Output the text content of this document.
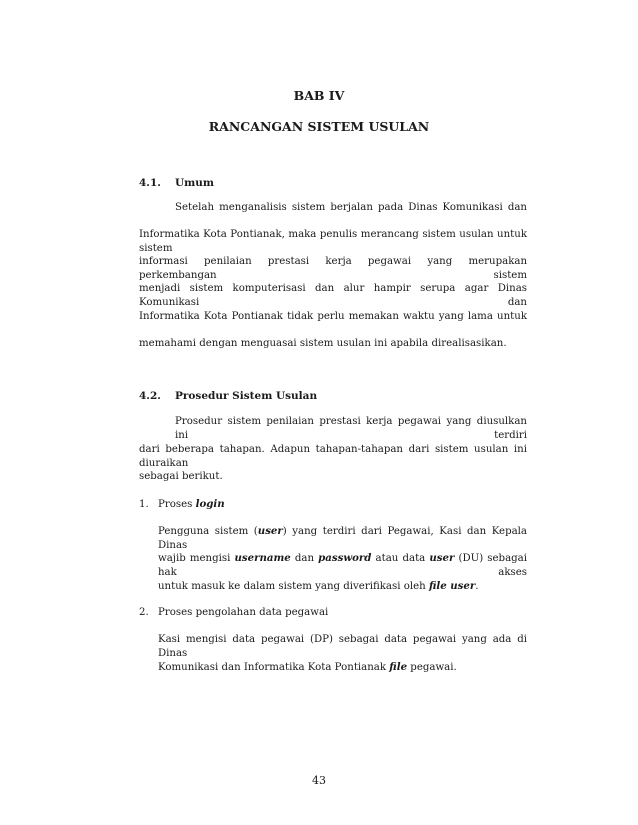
BAB IV
RANCANGAN SISTEM USULAN
4.1. Umum
Setelah menganalisis sistem berjalan pada Dinas Komunikasi dan
Informatika Kota Pontianak, maka penulis merancang sistem usulan untuk sistem
informasi penilaian prestasi kerja pegawai yang merupakan perkembangan sistem
menjadi sistem komputerisasi dan alur hampir serupa agar Dinas Komunikasi dan
Informatika Kota Pontianak tidak perlu memakan waktu yang lama untuk
memahami dengan menguasai sistem usulan ini apabila direalisasikan.
4.2. Prosedur Sistem Usulan
Prosedur sistem penilaian prestasi kerja pegawai yang diusulkan ini terdiri
dari beberapa tahapan. Adapun tahapan-tahapan dari sistem usulan ini diuraikan
sebagai berikut.
1. Proses login
Pengguna sistem (user) yang terdiri dari Pegawai, Kasi dan Kepala Dinas
wajib mengisi username dan password atau data user (DU) sebagai hak akses
untuk masuk ke dalam sistem yang diverifikasi oleh file user.
2. Proses pengolahan data pegawai
Kasi mengisi data pegawai (DP) sebagai data pegawai yang ada di Dinas
Komunikasi dan Informatika Kota Pontianak file pegawai.
43
